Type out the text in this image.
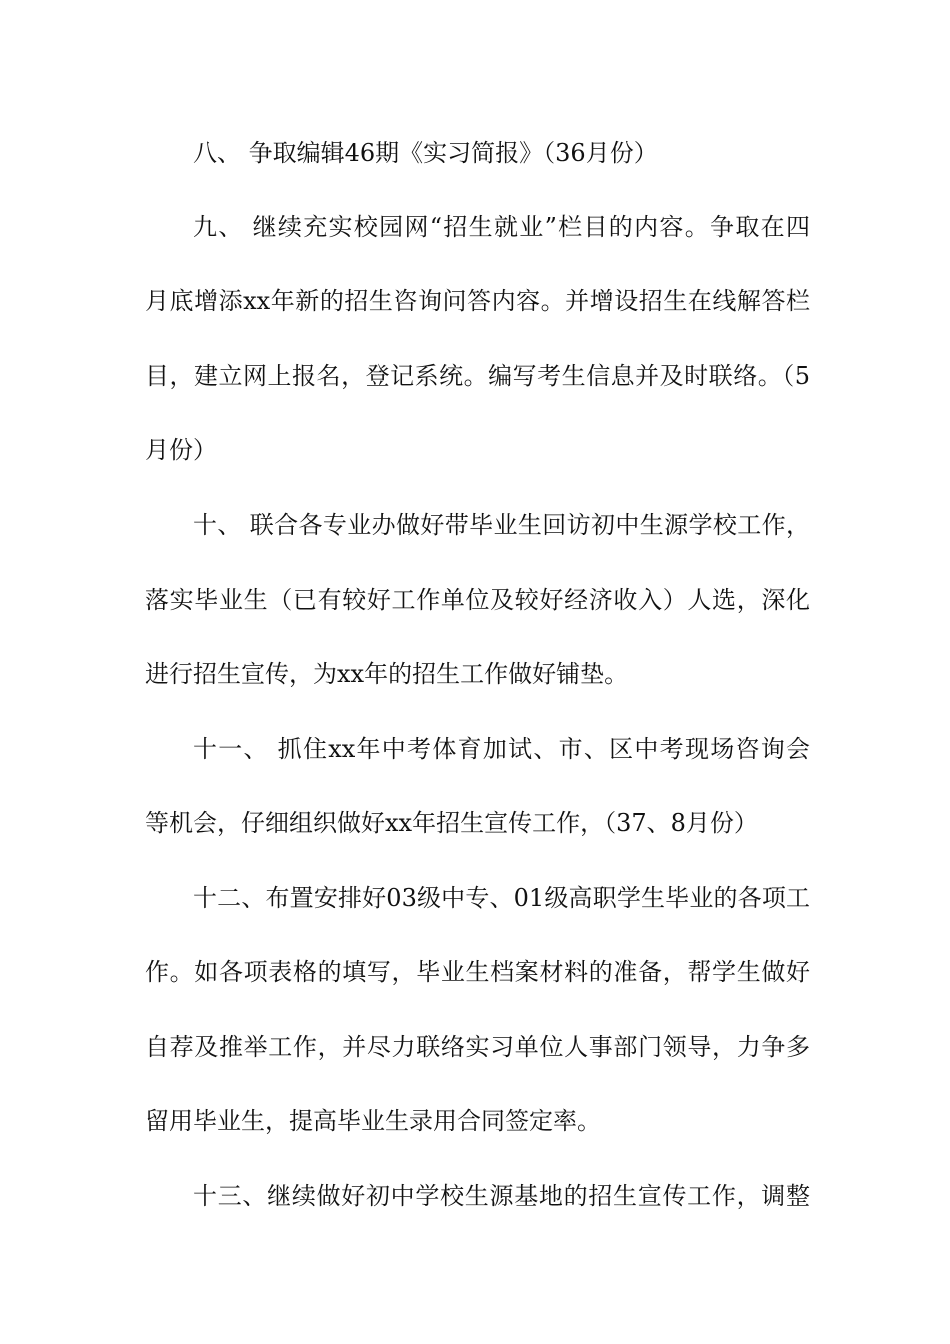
八、 争取编辑46期《实习简报》（36月份）
九、 继续充实校园网“招生就业”栏目的内容。争取在四
月底增添xx年新的招生咨询问答内容。并增设招生在线解答栏
目，建立网上报名，登记系统。编写考生信息并及时联络。（5
月份）
十、 联合各专业办做好带毕业生回访初中生源学校工作，
落实毕业生（已有较好工作单位及较好经济收入）人选，深化
进行招生宣传，为xx年的招生工作做好铺垫。
十一、 抓住xx年中考体育加试、市、区中考现场咨询会
等机会，仔细组织做好xx年招生宣传工作，（37、8月份）
十二、布置安排好03级中专、01级高职学生毕业的各项工
作。如各项表格的填写，毕业生档案材料的准备，帮学生做好
自荐及推举工作，并尽力联络实习单位人事部门领导，力争多
留用毕业生，提高毕业生录用合同签定率。
十三、继续做好初中学校生源基地的招生宣传工作，调整
